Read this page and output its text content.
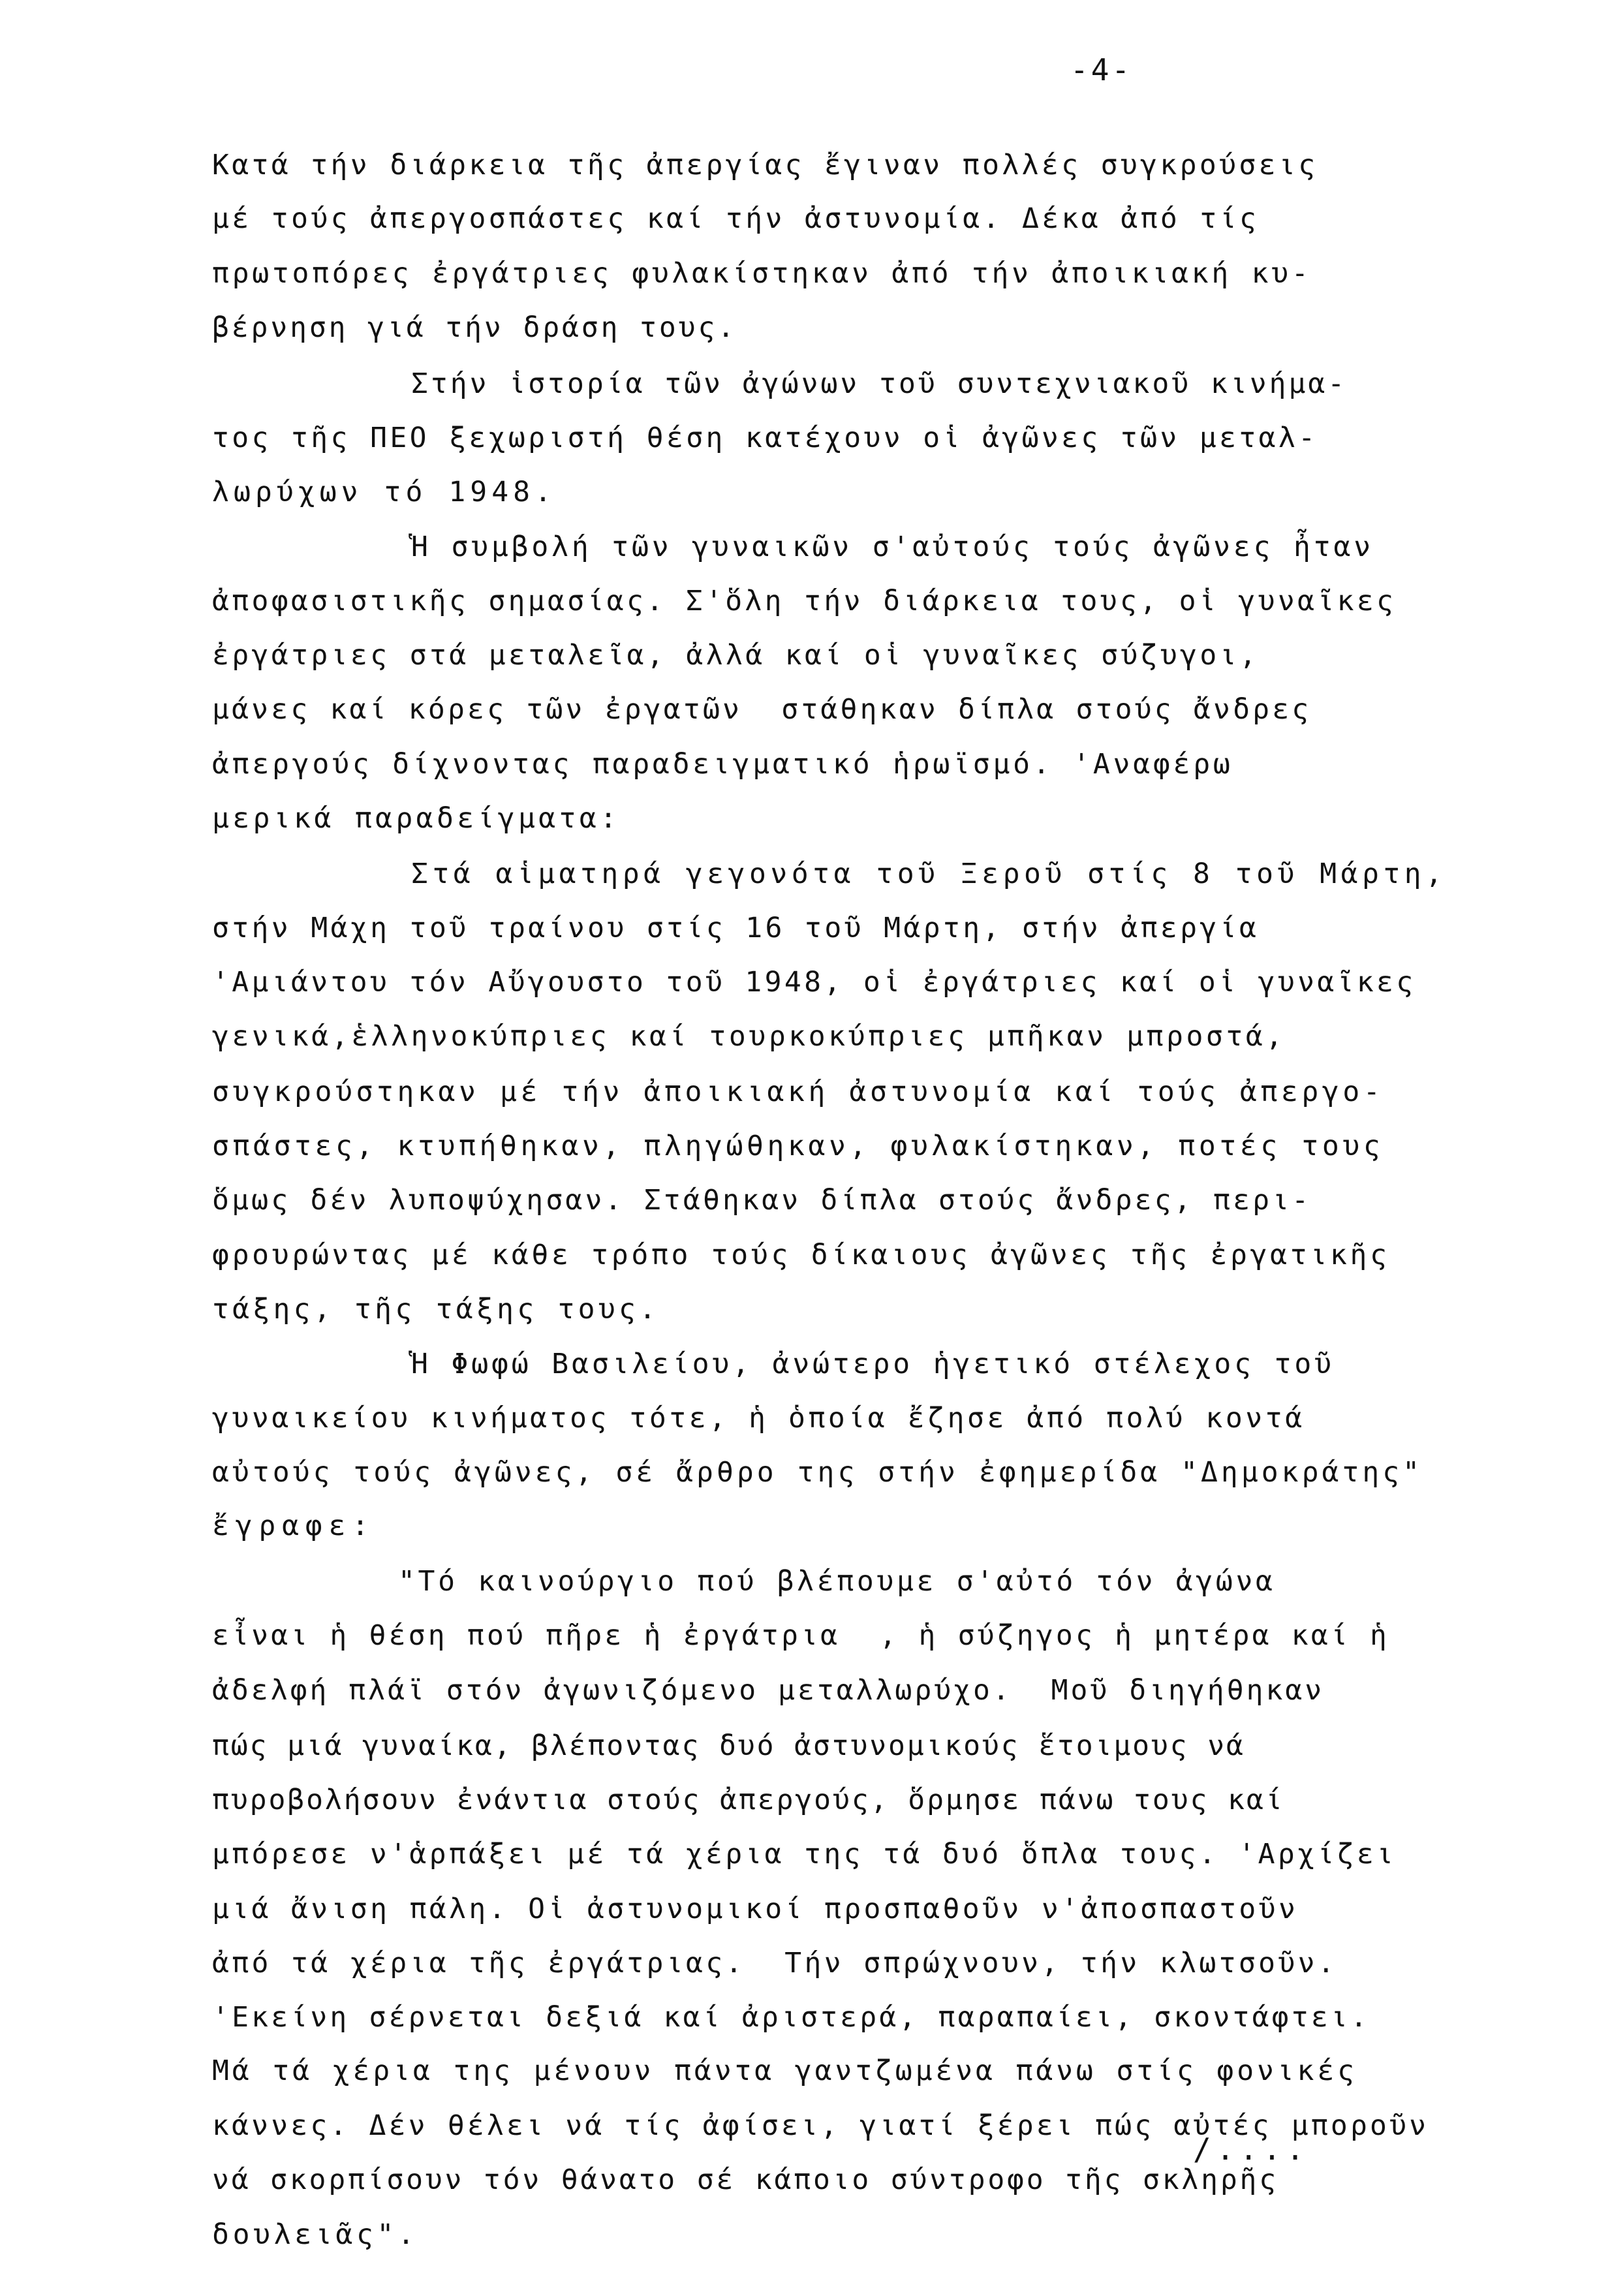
-4-
Κατά τήν διάρκεια τῆς ἀπεργίας ἔγιναν πολλές συγκρούσεις
μέ τούς ἀπεργοσπάστες καί τήν ἀστυνομία. Δέκα ἀπό τίς
πρωτοπόρες ἐργάτριες φυλακίστηκαν ἀπό τήν ἀποικιακή κυ-
βέρνηση γιά τήν δράση τους.
Στήν ἱστορία τῶν ἀγώνων τοῦ συντεχνιακοῦ κινήμα-
τος τῆς ΠΕΟ ξεχωριστή θέση κατέχουν οἱ ἀγῶνες τῶν μεταλ-
λωρύχων τό 1948.
Ἡ συμβολή τῶν γυναικῶν σ'αὐτούς τούς ἀγῶνες ἦταν
ἀποφασιστικῆς σημασίας. Σ'ὅλη τήν διάρκεια τους, οἱ γυναῖκες
ἐργάτριες στά μεταλεῖα, ἀλλά καί οἱ γυναῖκες σύζυγοι,
μάνες καί κόρες τῶν ἐργατῶν  στάθηκαν δίπλα στούς ἄνδρες
ἀπεργούς δίχνοντας παραδειγματικό ἡρωϊσμό. 'Αναφέρω
μερικά παραδείγματα:
Στά αἱματηρά γεγονότα τοῦ Ξεροῦ στίς 8 τοῦ Μάρτη,
στήν Μάχη τοῦ τραίνου στίς 16 τοῦ Μάρτη, στήν ἀπεργία
'Αμιάντου τόν Αὔγουστο τοῦ 1948, οἱ ἐργάτριες καί οἱ γυναῖκες
γενικά,ἑλληνοκύπριες καί τουρκοκύπριες μπῆκαν μπροστά,
συγκρούστηκαν μέ τήν ἀποικιακή ἀστυνομία καί τούς ἀπεργο-
σπάστες, κτυπήθηκαν, πληγώθηκαν, φυλακίστηκαν, ποτές τους
ὅμως δέν λυποψύχησαν. Στάθηκαν δίπλα στούς ἄνδρες, περι-
φρουρώντας μέ κάθε τρόπο τούς δίκαιους ἀγῶνες τῆς ἐργατικῆς
τάξης, τῆς τάξης τους.
Ἡ Φωφώ Βασιλείου, ἀνώτερο ἡγετικό στέλεχος τοῦ
γυναικείου κινήματος τότε, ἡ ὁποία ἔζησε ἀπό πολύ κοντά
αὐτούς τούς ἀγῶνες, σέ ἄρθρο της στήν ἐφημερίδα "Δημοκράτης"
ἔγραφε:
"Τό καινούργιο πού βλέπουμε σ'αὐτό τόν ἀγώνα
εἶναι ἡ θέση πού πῆρε ἡ ἐργάτρια  , ἡ σύζηγος ἡ μητέρα καί ἡ
ἀδελφή πλάϊ στόν ἀγωνιζόμενο μεταλλωρύχο.  Μοῦ διηγήθηκαν
πώς μιά γυναίκα, βλέποντας δυό ἀστυνομικούς ἕτοιμους νά
πυροβολήσουν ἐνάντια στούς ἀπεργούς, ὅρμησε πάνω τους καί
μπόρεσε ν'ἁρπάξει μέ τά χέρια της τά δυό ὅπλα τους. 'Αρχίζει
μιά ἄνιση πάλη. Οἱ ἀστυνομικοί προσπαθοῦν ν'ἀποσπαστοῦν
ἀπό τά χέρια τῆς ἐργάτριας.  Τήν σπρώχνουν, τήν κλωτσοῦν.
'Εκείνη σέρνεται δεξιά καί ἀριστερά, παραπαίει, σκοντάφτει.
Μά τά χέρια της μένουν πάντα γαντζωμένα πάνω στίς φονικές
κάννες. Δέν θέλει νά τίς ἀφίσει, γιατί ξέρει πώς αὐτές μποροῦν
νά σκορπίσουν τόν θάνατο σέ κάποιο σύντροφο τῆς σκληρῆς
δουλειᾶς".
/....
